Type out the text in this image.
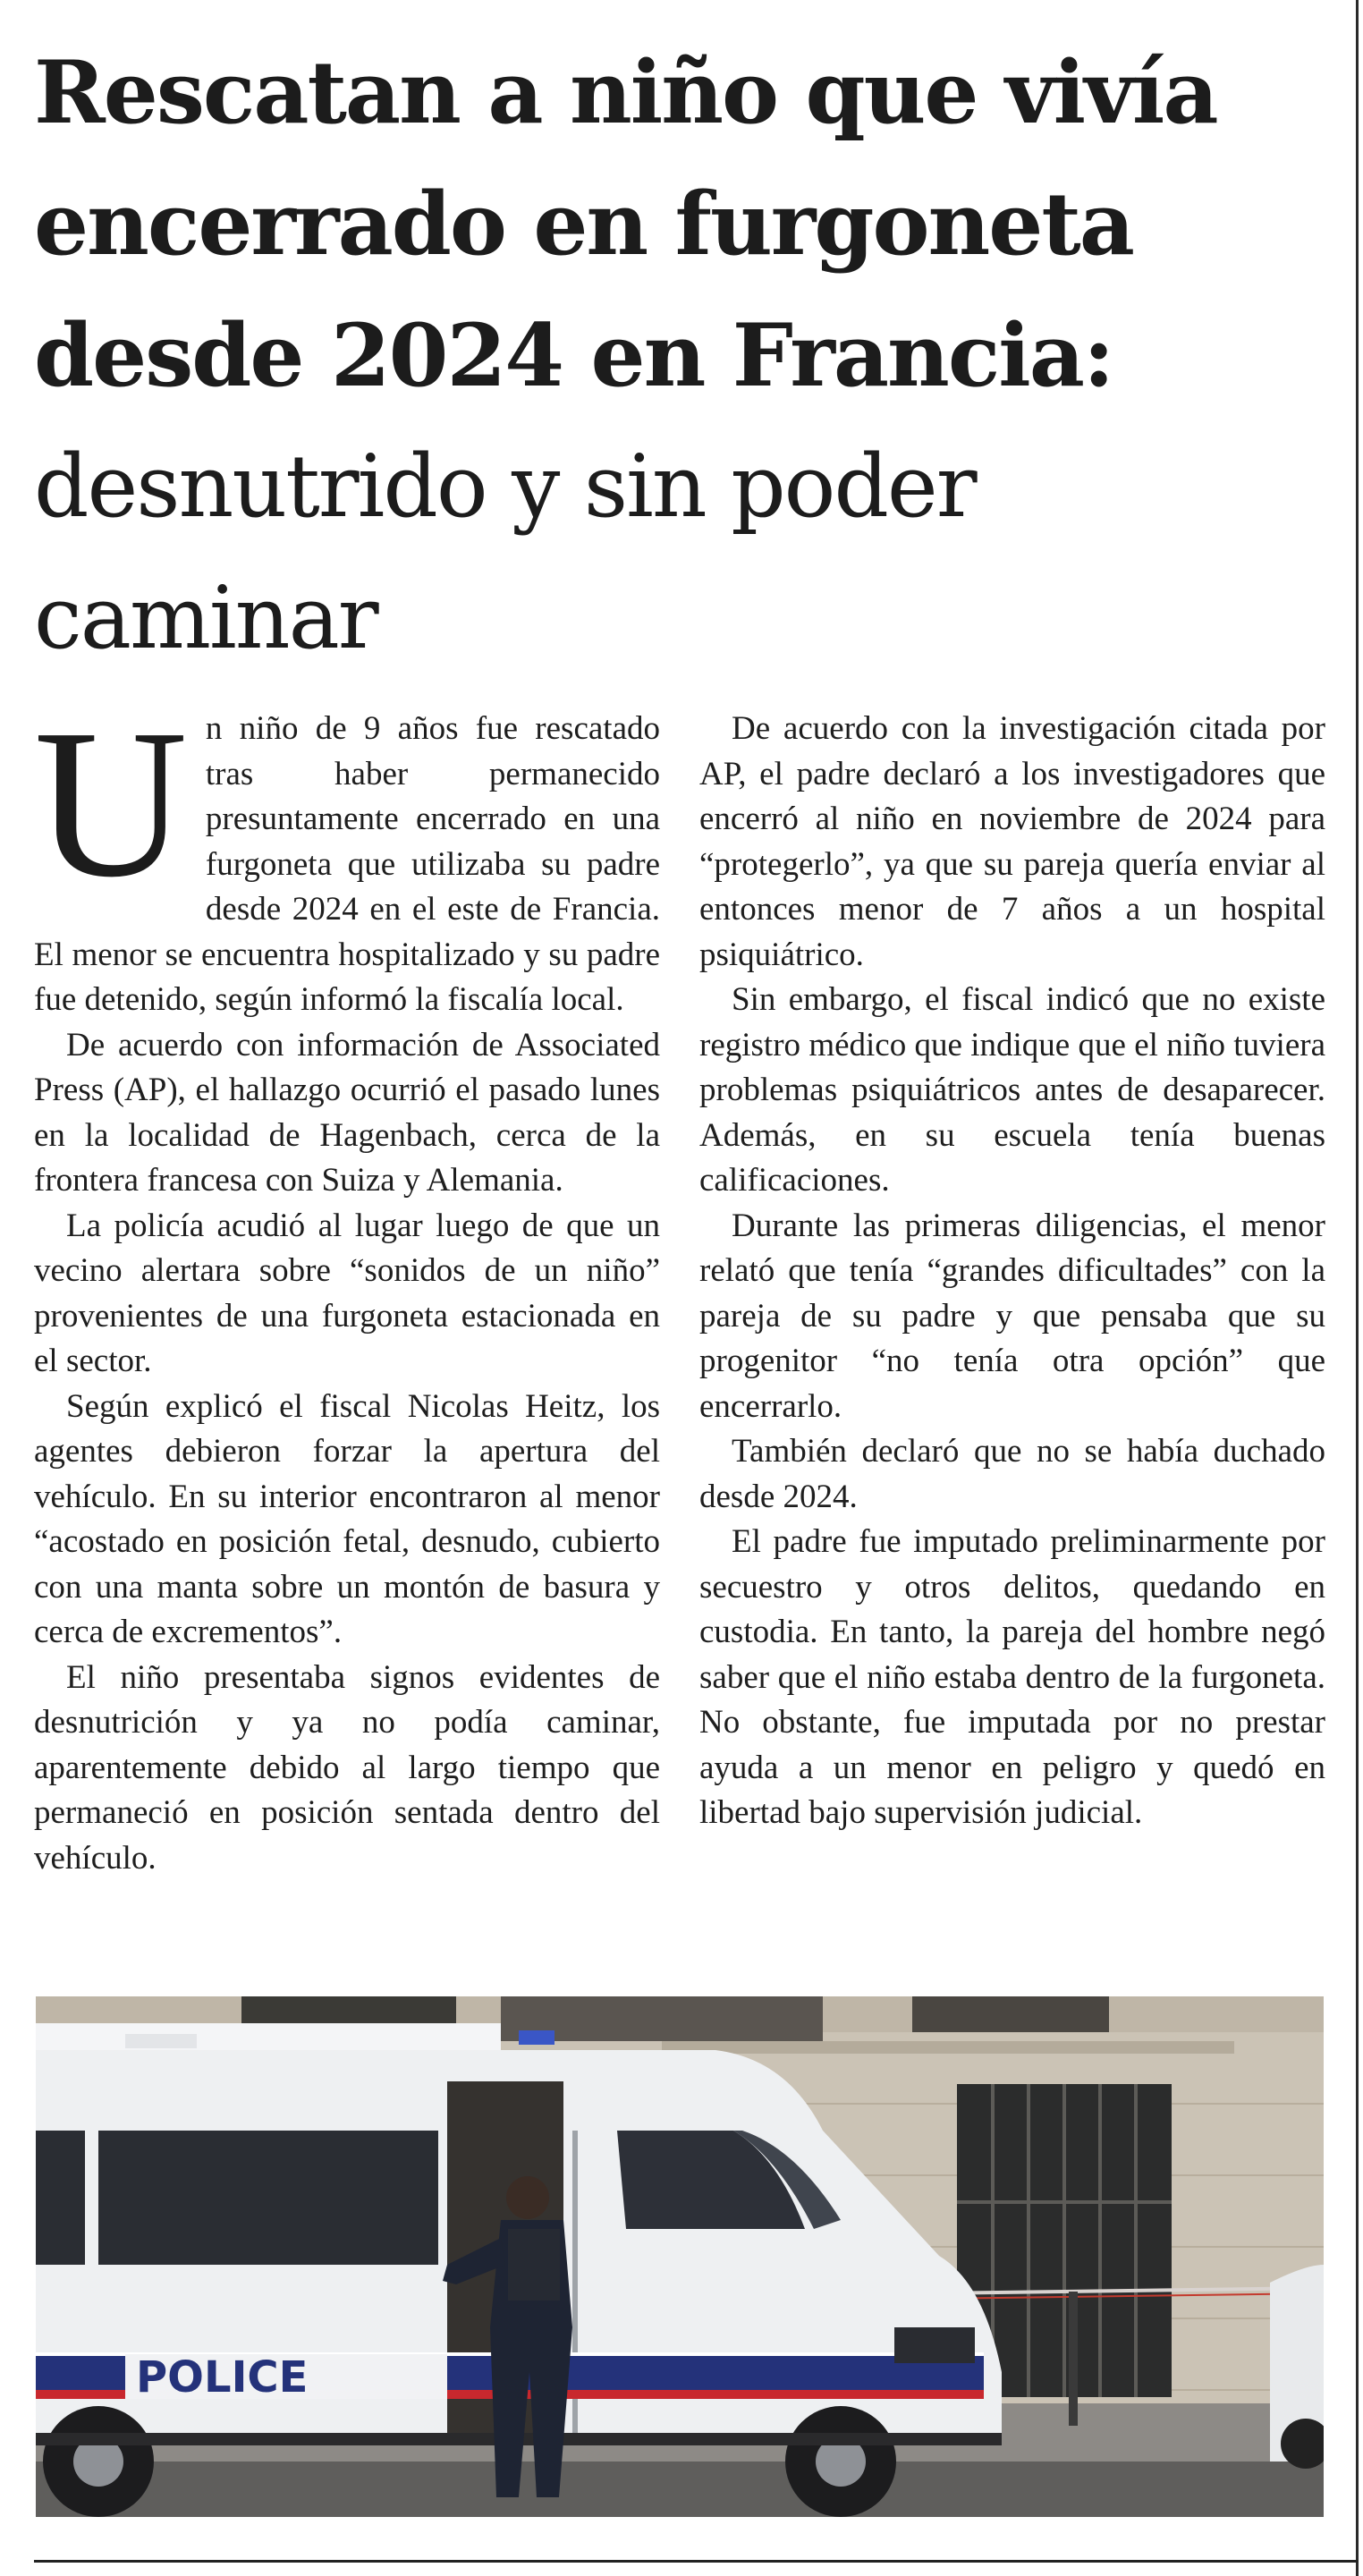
Rescatan a niño que vivía
encerrado en furgoneta
desde 2024 en Francia:
desnutrido y sin poder
caminar

Un niño de 9 años fue rescatado tras haber permanecido presuntamente encerrado en una furgoneta que utilizaba su padre desde 2024 en el este de Francia. El menor se encuentra hospitalizado y su padre fue detenido, según informó la fiscalía local.

De acuerdo con información de Associated Press (AP), el hallazgo ocurrió el pasado lunes en la localidad de Hagenbach, cerca de la frontera francesa con Suiza y Alemania.

La policía acudió al lugar luego de que un vecino alertara sobre “sonidos de un niño” provenientes de una furgoneta estacionada en el sector.

Según explicó el fiscal Nicolas Heitz, los agentes debieron forzar la apertura del vehículo. En su interior encontraron al menor “acostado en posición fetal, desnudo, cubierto con una manta sobre un montón de basura y cerca de excrementos”.

El niño presentaba signos evidentes de desnutrición y ya no podía caminar, aparentemente debido al largo tiempo que permaneció en posición sentada dentro del vehículo.

De acuerdo con la investigación citada por AP, el padre declaró a los investigadores que encerró al niño en noviembre de 2024 para “protegerlo”, ya que su pareja quería enviar al entonces menor de 7 años a un hospital psiquiátrico.

Sin embargo, el fiscal indicó que no existe registro médico que indique que el niño tuviera problemas psiquiátricos antes de desaparecer. Además, en su escuela tenía buenas calificaciones.

Durante las primeras diligencias, el menor relató que tenía “grandes dificultades” con la pareja de su padre y que pensaba que su progenitor “no tenía otra opción” que encerrarlo.

También declaró que no se había duchado desde 2024.

El padre fue imputado preliminarmente por secuestro y otros delitos, quedando en custodia. En tanto, la pareja del hombre negó saber que el niño estaba dentro de la furgoneta. No obstante, fue imputada por no prestar ayuda a un menor en peligro y quedó en libertad bajo supervisión judicial.

POLICE
